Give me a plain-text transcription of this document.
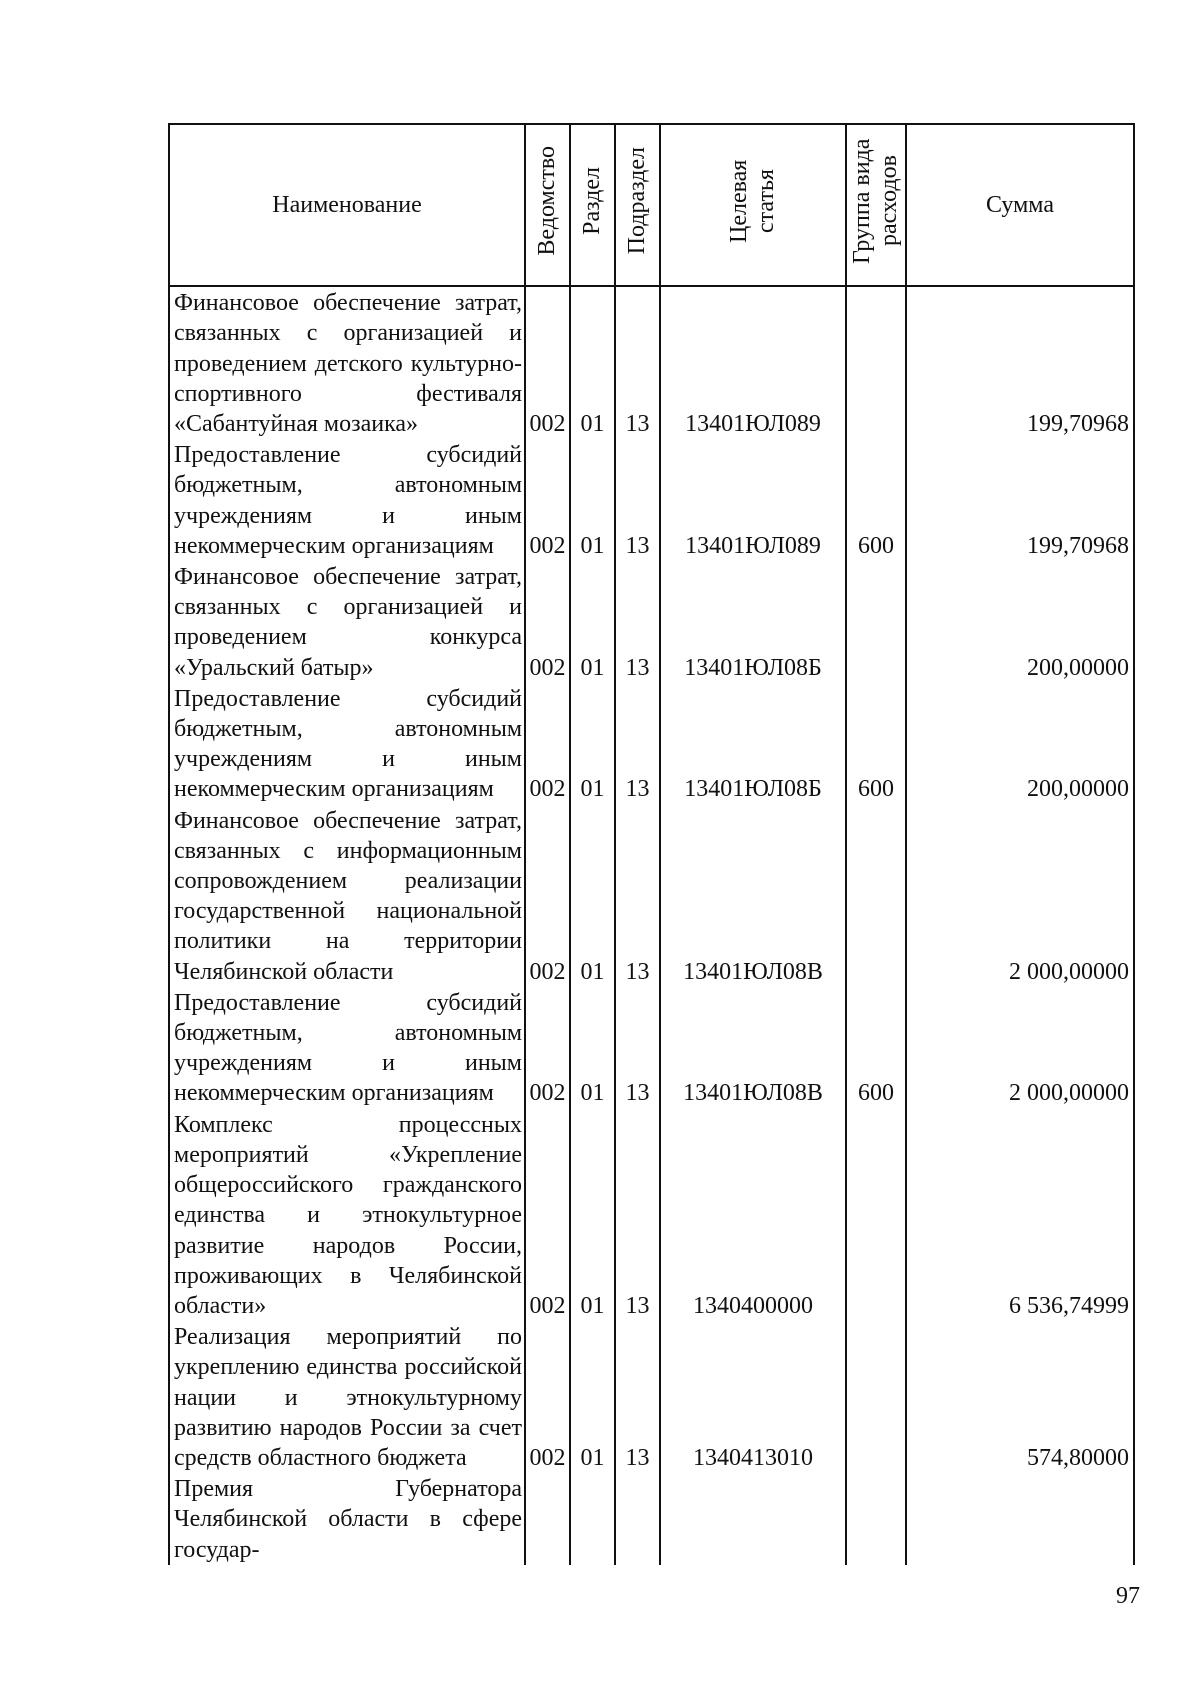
Наименование	Ведомство	Раздел	Подраздел	Целевая статья	Группа вида расходов	Сумма
Финансовое обеспечение затрат, связанных с организацией и проведением детского культурно-спортивного фестиваля «Сабантуйная мозаика»	002	01	13	13401ЮЛ089		199,70968
Предоставление субсидий бюджетным, автономным учреждениям и иным некоммерческим организациям	002	01	13	13401ЮЛ089	600	199,70968
Финансовое обеспечение затрат, связанных с организацией и проведением конкурса «Уральский батыр»	002	01	13	13401ЮЛ08Б		200,00000
Предоставление субсидий бюджетным, автономным учреждениям и иным некоммерческим организациям	002	01	13	13401ЮЛ08Б	600	200,00000
Финансовое обеспечение затрат, связанных с информационным сопровождением реализации государственной национальной политики на территории Челябинской области	002	01	13	13401ЮЛ08В		2 000,00000
Предоставление субсидий бюджетным, автономным учреждениям и иным некоммерческим организациям	002	01	13	13401ЮЛ08В	600	2 000,00000
Комплекс процессных мероприятий «Укрепление общероссийского гражданского единства и этнокультурное развитие народов России, проживающих в Челябинской области»	002	01	13	1340400000		6 536,74999
Реализация мероприятий по укреплению единства российской нации и этнокультурному развитию народов России за счет средств областного бюджета	002	01	13	1340413010		574,80000
Премия Губернатора Челябинской области в сфере государ-						
97
